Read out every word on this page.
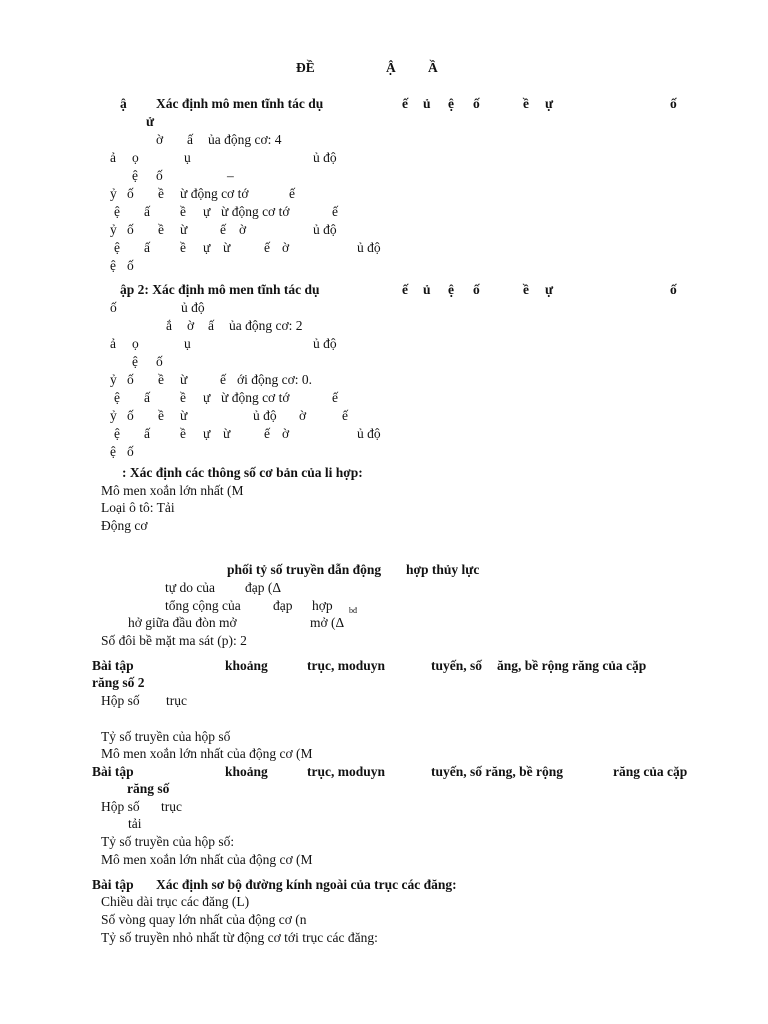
ĐỀ	Ậ Ầ
ậ Xác định mô men tĩnh tác dụ	ế ủ ệ ố	ề ự	ố
ử
ờ ấ ủa động cơ: 4
ả ọ	ụ	ủ độ
ệ ố	–
ỷ ố ề ừ động cơ tớ	ế
ệ ấ ề ự ừ động cơ tớ	ế
ỷ ố ề ừ ế ờ	ủ độ
ệ ấ ề ự ừ ế ờ	ủ độ
ệ ố
ập 2: Xác định mô men tĩnh tác dụ	ế ủ ệ ố	ề ự	ố
ố	ủ độ
ắ ờ ấ ủa động cơ: 2
ả ọ	ụ	ủ độ
ệ ố
ỷ ố ề ừ ế ới động cơ: 0.
ệ ấ ề ự ừ động cơ tớ	ế
ỷ ố ề ừ	ủ độ ờ	ế
ệ ấ ề ự ừ ế ờ	ủ độ
ệ ố
: Xác định các thông số cơ bản của li hợp:
Mô men xoắn lớn nhất (M
Loại ô tô: Tải
Động cơ
phối tỷ số truyền dẫn động hợp thủy lực
tự do của đạp (Δ
tổng cộng của đạp hợp bđ
hở giữa đầu đòn mở	mở (Δ
Số đôi bề mặt ma sát (p): 2
Bài tập	khoảng	trục, moduyn	tuyến, số ăng, bề rộng răng của cặp
răng số 2
Hộp số trục
Tỷ số truyền của hộp số
Mô men xoắn lớn nhất của động cơ (M
Bài tập	khoảng	trục, moduyn	tuyến, số răng, bề rộng	răng của cặp
răng số
Hộp số trục
tải
Tỷ số truyền của hộp số:
Mô men xoắn lớn nhất của động cơ (M
Bài tập Xác định sơ bộ đường kính ngoài của trục các đăng:
Chiều dài trục các đăng (L)
Số vòng quay lớn nhất của động cơ (n
Tỷ số truyền nhỏ nhất từ động cơ tới trục các đăng:
